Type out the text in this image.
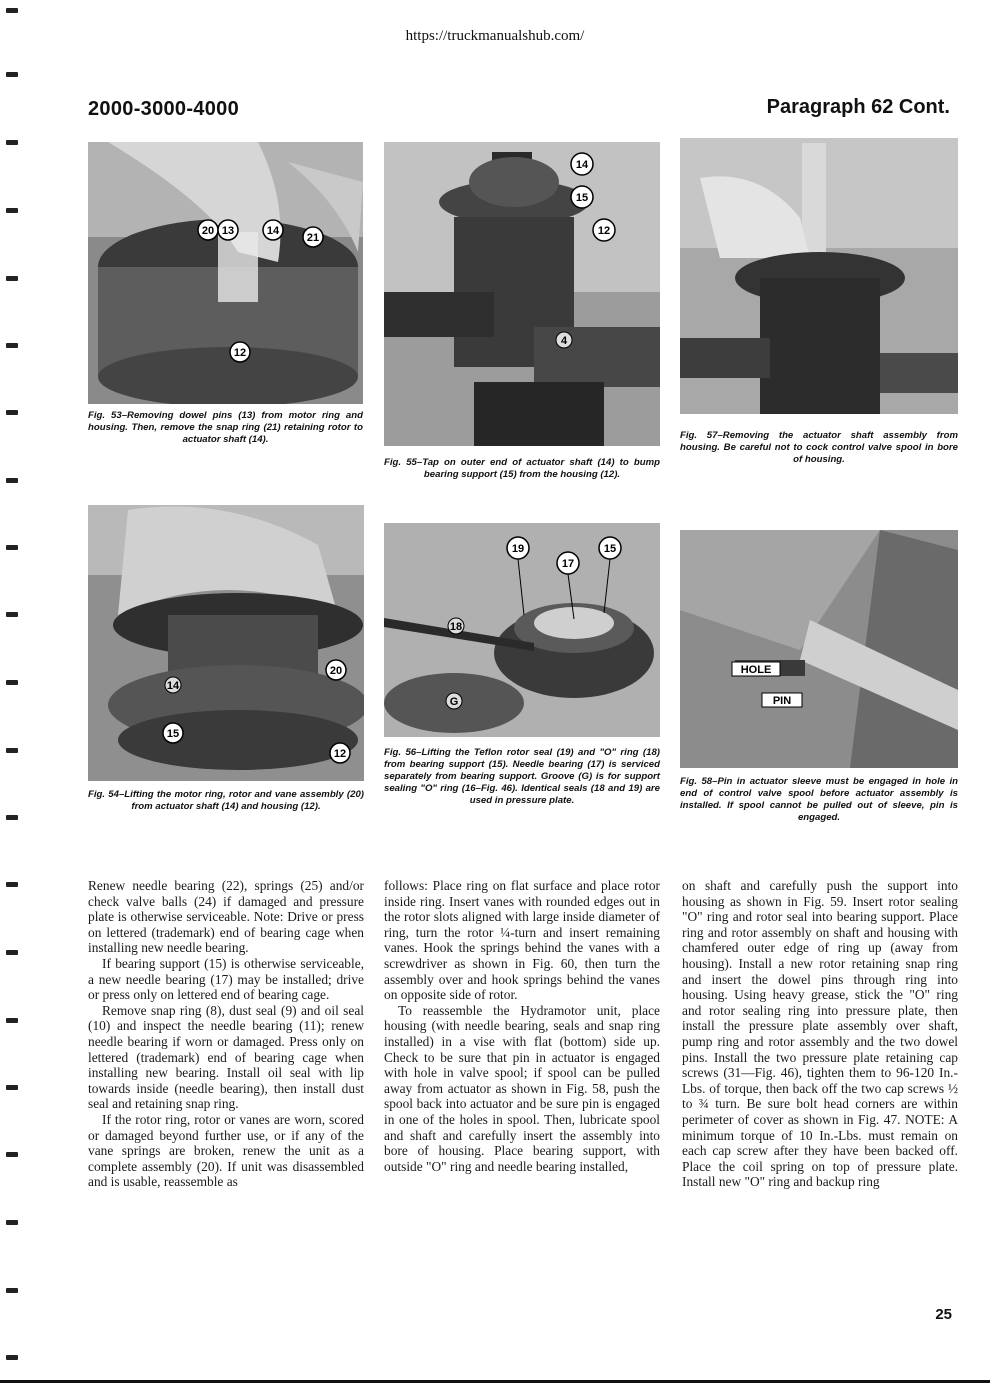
https://truckmanualshub.com/
2000-3000-4000	Paragraph 62 Cont.
20 13	14
21
12
Fig. 53–Removing dowel pins (13) from motor ring and housing. Then, remove the snap ring (21) retaining rotor to actuator shaft (14).
14
15
12
4
Fig. 55–Tap on outer end of actuator shaft (14) to bump bearing support (15) from the housing (12).
Fig. 57–Removing the actuator shaft assembly from housing. Be careful not to cock control valve spool in bore of housing.
20
14
15
12
Fig. 54–Lifting the motor ring, rotor and vane assembly (20) from actuator shaft (14) and housing (12).
19
17
15
18
G
Fig. 56–Lifting the Teflon rotor seal (19) and "O" ring (18) from bearing support (15). Needle bearing (17) is serviced separately from bearing support. Groove (G) is for support sealing "O" ring (16–Fig. 46). Identical seals (18 and 19) are used in pressure plate.
HOLE
PIN
Fig. 58–Pin in actuator sleeve must be engaged in hole in end of control valve spool before actuator assembly is installed. If spool cannot be pulled out of sleeve, pin is engaged.

Renew needle bearing (22), springs (25) and/or check valve balls (24) if damaged and pressure plate is otherwise serviceable. Note: Drive or press on lettered (trademark) end of bearing cage when installing new needle bearing.

If bearing support (15) is otherwise serviceable, a new needle bearing (17) may be installed; drive or press only on lettered end of bearing cage.

Remove snap ring (8), dust seal (9) and oil seal (10) and inspect the needle bearing (11); renew needle bearing if worn or damaged. Press only on lettered (trademark) end of bearing cage when installing new bearing. Install oil seal with lip towards inside (needle bearing), then install dust seal and retaining snap ring.

If the rotor ring, rotor or vanes are worn, scored or damaged beyond further use, or if any of the vane springs are broken, renew the unit as a complete assembly (20). If unit was disassembled and is usable, reassemble as

follows: Place ring on flat surface and place rotor inside ring. Insert vanes with rounded edges out in the rotor slots aligned with large inside diameter of ring, turn the rotor ¼-turn and insert remaining vanes. Hook the springs behind the vanes with a screwdriver as shown in Fig. 60, then turn the assembly over and hook springs behind the vanes on opposite side of rotor.

To reassemble the Hydramotor unit, place housing (with needle bearing, seals and snap ring installed) in a vise with flat (bottom) side up. Check to be sure that pin in actuator is engaged with hole in valve spool; if spool can be pulled away from actuator as shown in Fig. 58, push the spool back into actuator and be sure pin is engaged in one of the holes in spool. Then, lubricate spool and shaft and carefully insert the assembly into bore of housing. Place bearing support, with outside "O" ring and needle bearing installed,

on shaft and carefully push the support into housing as shown in Fig. 59. Insert rotor sealing "O" ring and rotor seal into bearing support. Place ring and rotor assembly on shaft and housing with chamfered outer edge of ring up (away from housing). Install a new rotor retaining snap ring and insert the dowel pins through ring into housing. Using heavy grease, stick the "O" ring and rotor sealing ring into pressure plate, then install the pressure plate assembly over shaft, pump ring and rotor assembly and the two dowel pins. Install the two pressure plate retaining cap screws (31—Fig. 46), tighten them to 96-120 In.-Lbs. of torque, then back off the two cap screws ½ to ¾ turn. Be sure bolt head corners are within perimeter of cover as shown in Fig. 47. NOTE: A minimum torque of 10 In.-Lbs. must remain on each cap screw after they have been backed off. Place the coil spring on top of pressure plate. Install new "O" ring and backup ring

25
